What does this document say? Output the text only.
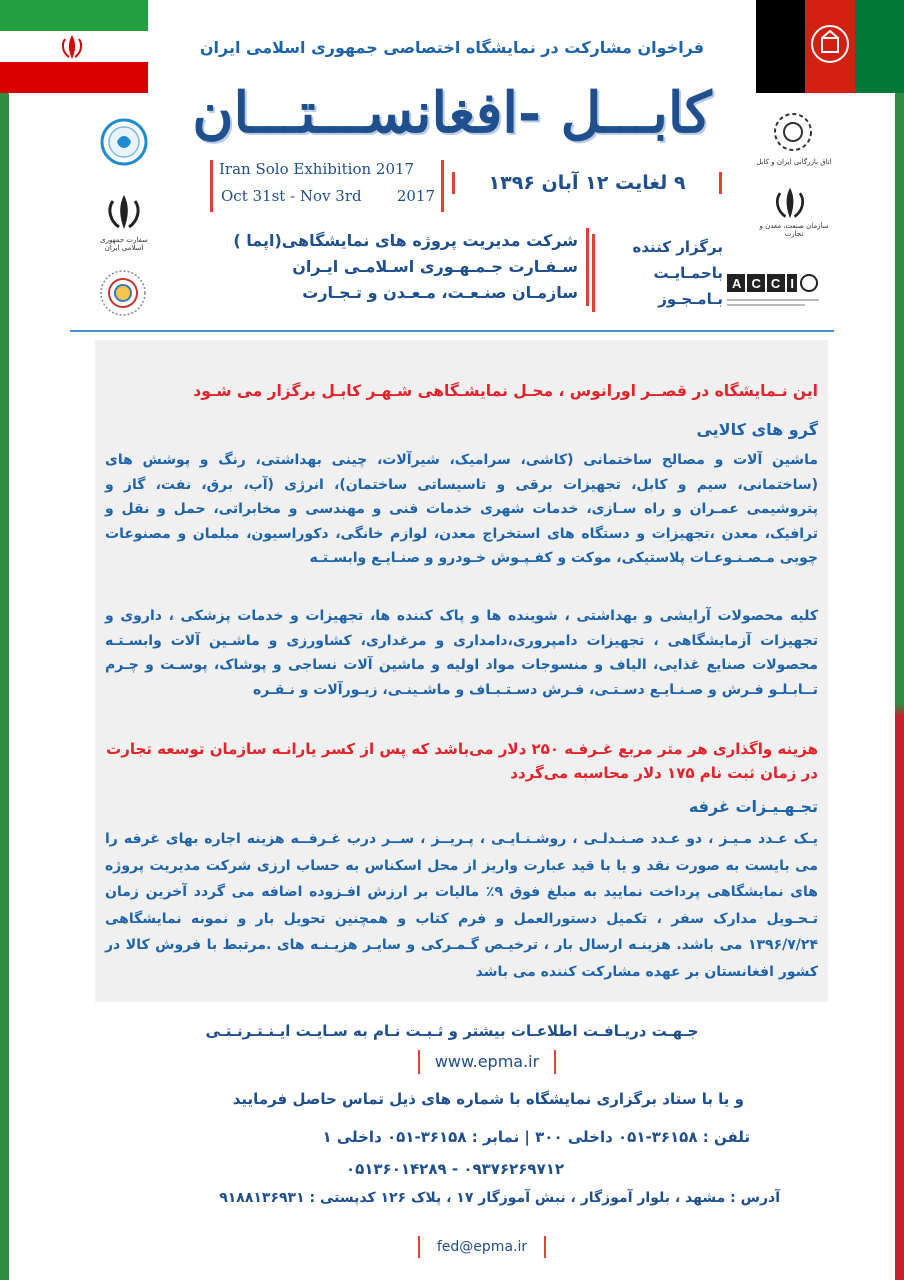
فراخوان مشارکت در نمایشگاه اختصاصی جمهوری اسلامی ایران
کابـــل -افغانســـتـــان
سفارت جمهوری اسلامی ایران
اتاق بازرگانی ایران و کابل
سازمان صنعت، معدن و تجارت
A C C I
Iran Solo Exhibition 2017
Oct 31st - Nov 3rd 2017
۹ لغایت ۱۲ آبان ۱۳۹۶
برگزار کننده
باحمـایـت
بـامـجـوز
شرکت مدیریت پروژه های نمایشگاهی(اپما )
سـفـارت جـمـهـوری اسـلامـی ایـران
سازمـان صنـعـت، مـعـدن و تـجـارت

این نـمایشگاه در قصــر اورانوس ، محـل نمایشـگاهی شـهـر کابـل برگزار می شـود

گرو های کالایی

ماشین آلات و مصالح ساختمانی (کاشی، سرامیک، شیرآلات، چینی بهداشتی، رنگ و پوشش های (ساختمانی، سیم و کابل، تجهیزات برقی و تاسیساتی ساختمان)، انرژی (آب، برق، نفت، گاز و پتروشیمی عمـران و راه سـازی، خدمات شهری خدمات فنی و مهندسی و مخابراتی، حمل و نقل و ترافیک، معدن ،تجهیزات و دستگاه های استخراج معدن، لوازم خانگی، دکوراسیون، مبلمان و مصنوعات چوبی مـصـنـوعـات پلاستیکی، موکت و کفـپـوش خـودرو و صنـایـع وابسـتـه

کلیه محصولات آرایشی و بهداشتی ، شوینده ها و پاک کننده ها، تجهیزات و خدمات پزشکی ، داروی و تجهیزات آزمایشگاهی ، تجهیزات دامپروری،دامداری و مرغداری، کشاورزی و ماشـین آلات وابسـتـه محصولات صنایع غذایی، الیاف و منسوجات مواد اولیه و ماشین آلات نساجی و پوشاک، پوسـت و چـرم تــابـلـو فـرش و صـنـایـع دسـتـی، فـرش دسـتـبـاف و ماشـینـی، زیـورآلات و نـقـره

هزینه واگذاری هر متر مربع غـرفـه ۲۵۰ دلار می‌باشد که پس از کسر یارانـه سازمان توسعه تجارت در زمان ثبت نام ۱۷۵ دلار محاسبه می‌گردد

تجـهـیـزات غرفه

یـک عـدد مـیـز ، دو عـدد صـنـدلـی ، روشـنـایـی ، پـریــز ، ســر درب غـرفــه هزینه اجاره بهای غرفه را می بایست به صورت نقد و یا با قید عبارت واریز از محل اسکناس به حساب ارزی شرکت مدیریت پروژه های نمایشگاهی پرداخت نمایید به مبلغ فوق ۹٪ مالیات بر ارزش افـزوده اضافه می گردد آخرین زمان تـحـویل مدارک سفر ، تکمیل دستورالعمل و فرم کتاب و همچنین تحویل بار و نمونه نمایشگاهی ۱۳۹۶/۷/۲۴ می باشد. هزینـه ارسال بار ، ترخیـص گـمـرکی و سایـر هزیـنـه های .مرتبط با فروش کالا در کشور افغانستان بر عهده مشارکت کننده می باشد

جـهـت دریـافـت اطلاعـات بیشتر و ثـبـت نـام به سـایـت ایـنـتـرنـتـی
www.epma.ir
و یا با ستاد برگزاری نمایشگاه با شماره های ذیل تماس حاصل فرمایید
تلفن : ۳۶۱۵۸-۰۵۱ داخلی ۳۰۰ | نمابر : ۳۶۱۵۸-۰۵۱ داخلی ۱
۰۹۳۷۶۲۶۹۷۱۲ - ۰۵۱۳۶۰۱۴۲۸۹
آدرس : مشهد ، بلوار آموزگار ، نبش آموزگار ۱۷ ، پلاک ۱۲۶ کدپستی : ۹۱۸۸۱۳۶۹۳۱
fed@epma.ir
